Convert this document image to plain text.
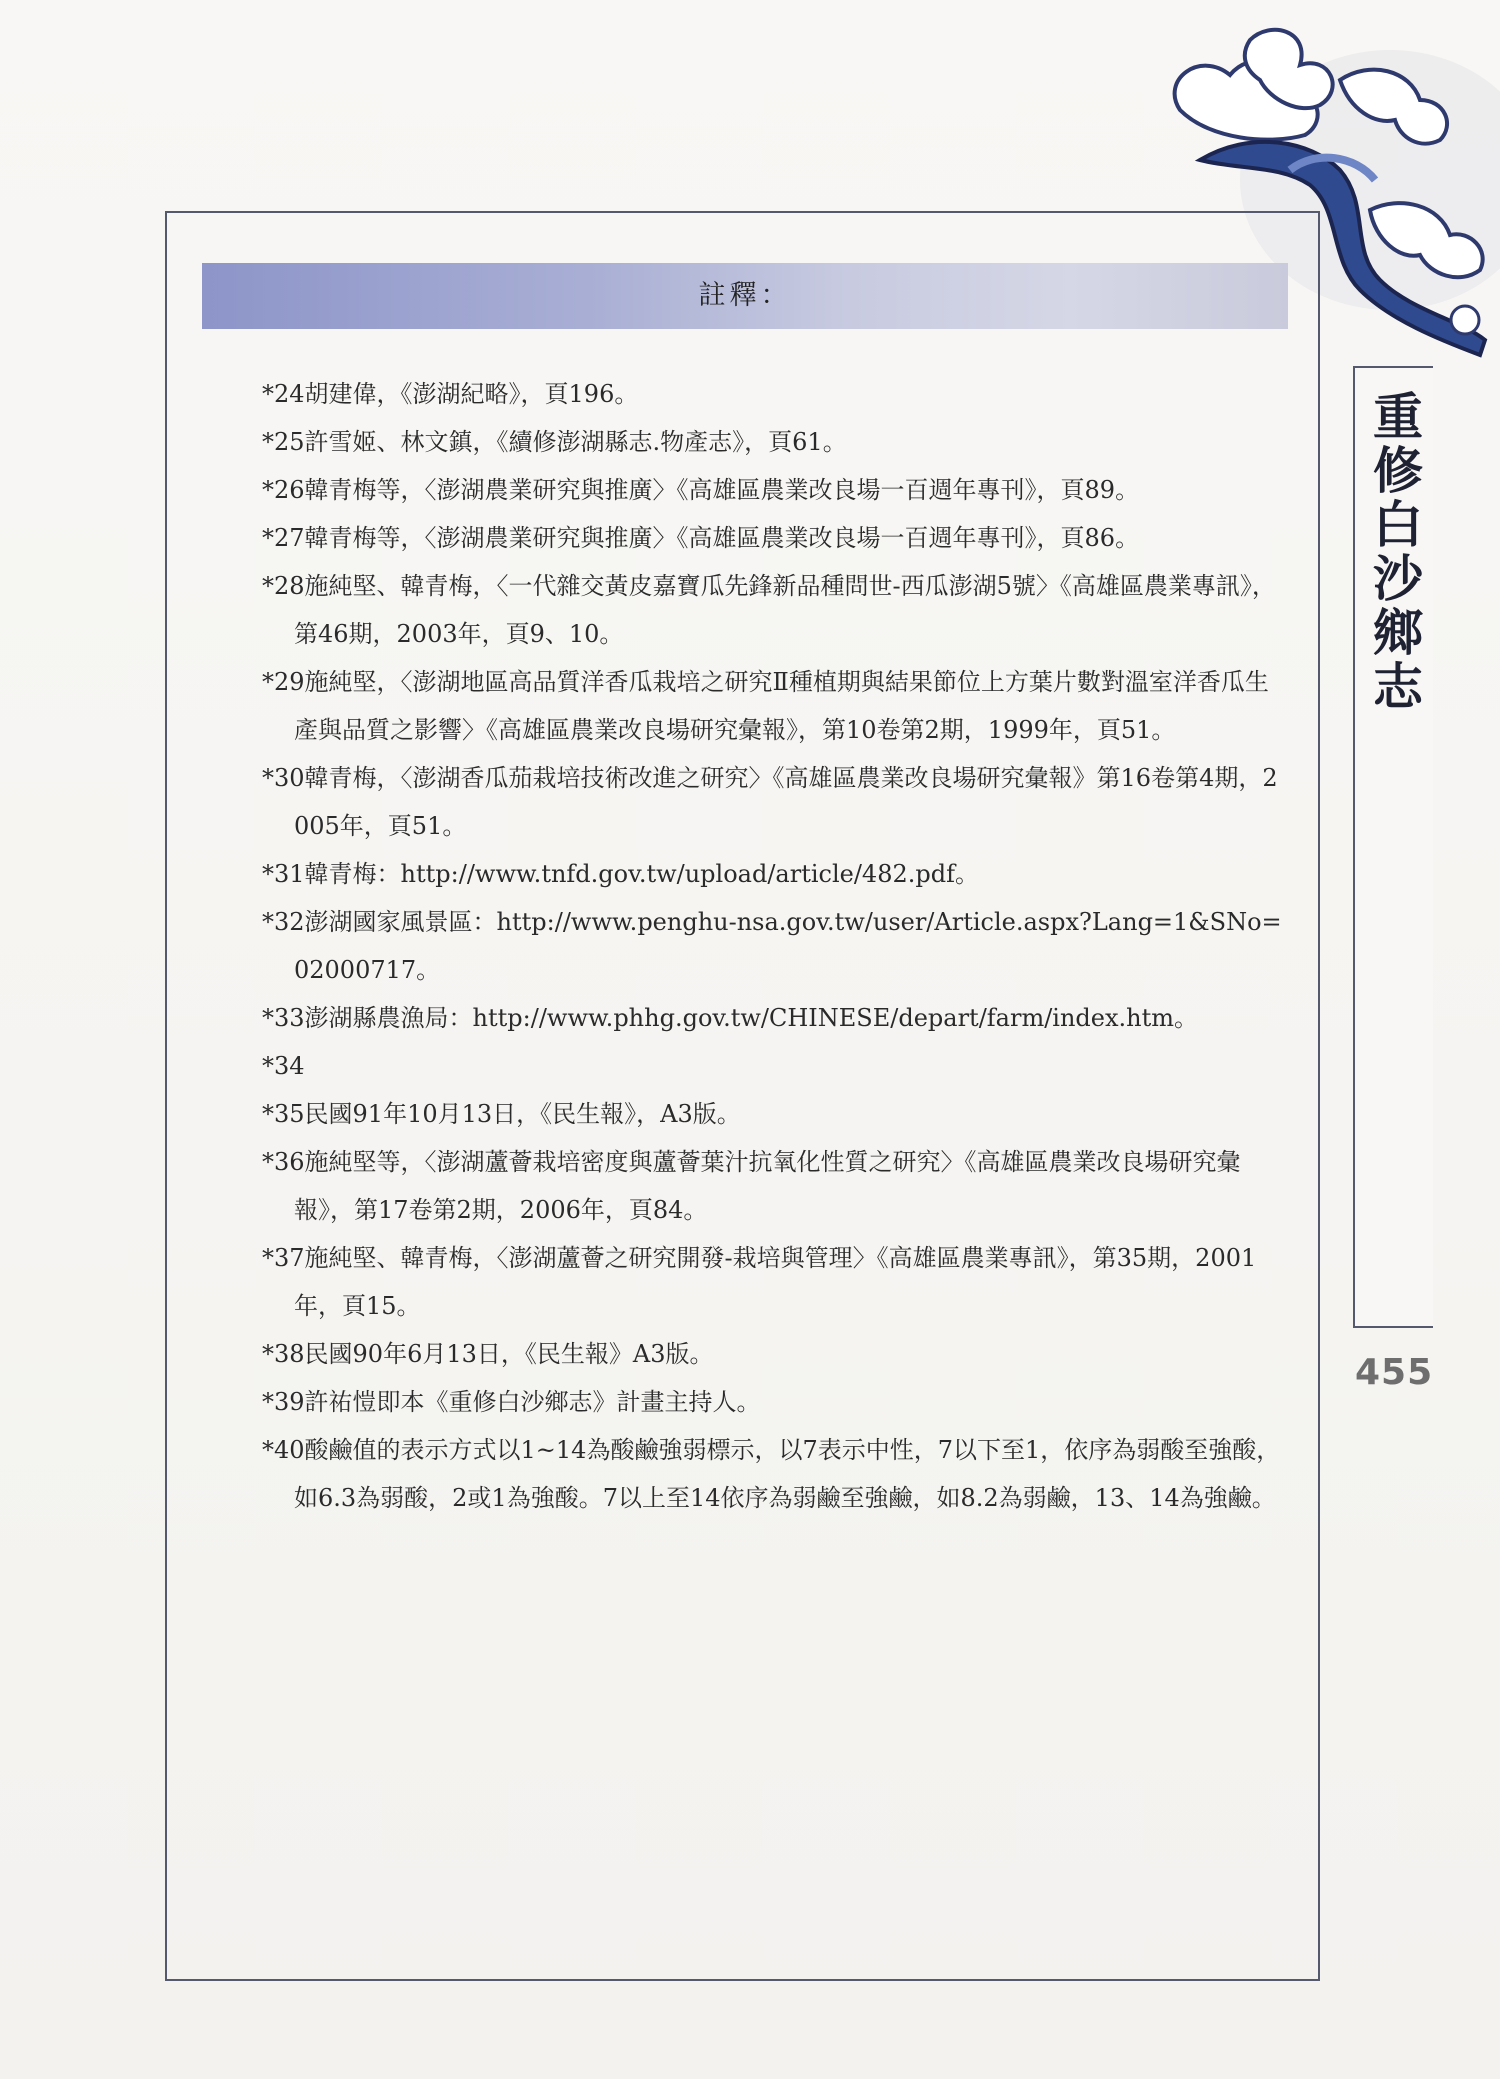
註釋：
*24胡建偉，《澎湖紀略》，頁196。
*25許雪姬、林文鎮，《續修澎湖縣志.物產志》，頁61。
*26韓青梅等，〈澎湖農業研究與推廣〉《高雄區農業改良場一百週年專刊》，頁89。
*27韓青梅等，〈澎湖農業研究與推廣〉《高雄區農業改良場一百週年專刊》，頁86。
*28施純堅、韓青梅，〈一代雜交黃皮嘉寶瓜先鋒新品種問世-西瓜澎湖5號〉《高雄區農業專訊》，第46期，2003年，頁9、10。
*29施純堅，〈澎湖地區高品質洋香瓜栽培之研究Ⅱ種植期與結果節位上方葉片數對溫室洋香瓜生產與品質之影響〉《高雄區農業改良場研究彙報》，第10卷第2期，1999年，頁51。
*30韓青梅，〈澎湖香瓜茄栽培技術改進之研究〉《高雄區農業改良場研究彙報》第16卷第4期，2005年，頁51。
*31韓青梅：http://www.tnfd.gov.tw/upload/article/482.pdf。
*32澎湖國家風景區：http://www.penghu-nsa.gov.tw/user/Article.aspx?Lang=1&SNo=02000717。
*33澎湖縣農漁局：http://www.phhg.gov.tw/CHINESE/depart/farm/index.htm。
*34
*35民國91年10月13日，《民生報》，A3版。
*36施純堅等，〈澎湖蘆薈栽培密度與蘆薈葉汁抗氧化性質之研究〉《高雄區農業改良場研究彙報》，第17卷第2期，2006年，頁84。
*37施純堅、韓青梅，〈澎湖蘆薈之研究開發-栽培與管理〉《高雄區農業專訊》，第35期，2001年，頁15。
*38民國90年6月13日，《民生報》A3版。
*39許祐愷即本《重修白沙鄉志》計畫主持人。
*40酸鹼值的表示方式以1~14為酸鹼強弱標示，以7表示中性，7以下至1，依序為弱酸至強酸，如6.3為弱酸，2或1為強酸。7以上至14依序為弱鹼至強鹼，如8.2為弱鹼，13、14為強鹼。
重修白沙鄉志
455
